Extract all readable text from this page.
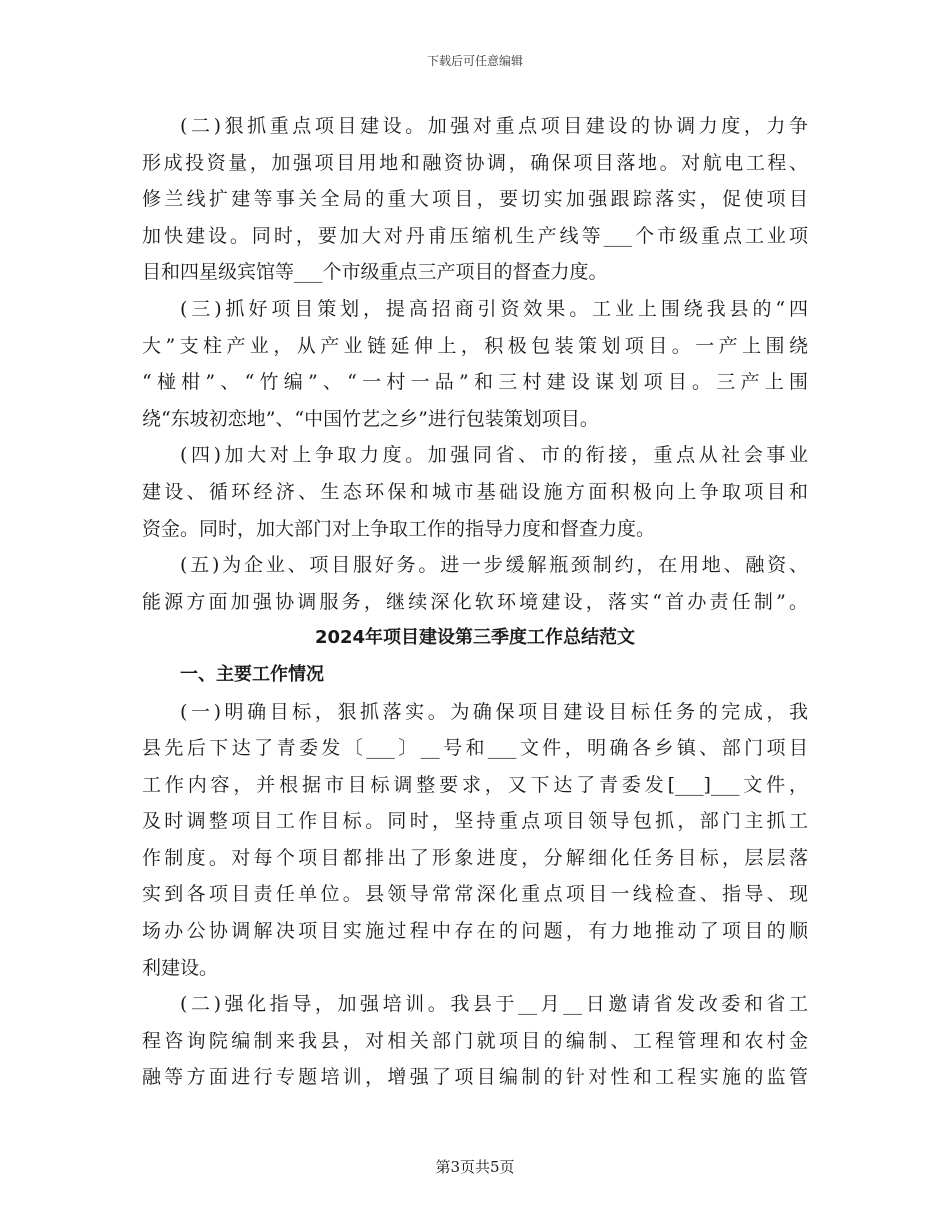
下载后可任意编辑
(二)狠抓重点项目建设。加强对重点项目建设的协调力度，力争
形成投资量，加强项目用地和融资协调，确保项目落地。对航电工程、
修兰线扩建等事关全局的重大项目，要切实加强跟踪落实，促使项目
加快建设。同时，要加大对丹甫压缩机生产线等___个市级重点工业项
目和四星级宾馆等___个市级重点三产项目的督查力度。
(三)抓好项目策划，提高招商引资效果。工业上围绕我县的“四
大”支柱产业，从产业链延伸上，积极包装策划项目。一产上围绕
“椪柑”、“竹编”、“一村一品”和三村建设谋划项目。三产上围
绕“东坡初恋地”、“中国竹艺之乡”进行包装策划项目。
(四)加大对上争取力度。加强同省、市的衔接，重点从社会事业
建设、循环经济、生态环保和城市基础设施方面积极向上争取项目和
资金。同时，加大部门对上争取工作的指导力度和督查力度。
(五)为企业、项目服好务。进一步缓解瓶颈制约，在用地、融资、
能源方面加强协调服务，继续深化软环境建设，落实“首办责任制”。
2024年项目建设第三季度工作总结范文
一、主要工作情况
(一)明确目标，狠抓落实。为确保项目建设目标任务的完成，我
县先后下达了青委发〔___〕__号和___文件，明确各乡镇、部门项目
工作内容，并根据市目标调整要求，又下达了青委发[___]___文件，
及时调整项目工作目标。同时，坚持重点项目领导包抓，部门主抓工
作制度。对每个项目都排出了形象进度，分解细化任务目标，层层落
实到各项目责任单位。县领导常常深化重点项目一线检查、指导、现
场办公协调解决项目实施过程中存在的问题，有力地推动了项目的顺
利建设。
(二)强化指导，加强培训。我县于__月__日邀请省发改委和省工
程咨询院编制来我县，对相关部门就项目的编制、工程管理和农村金
融等方面进行专题培训，增强了项目编制的针对性和工程实施的监管
第3页共5页
